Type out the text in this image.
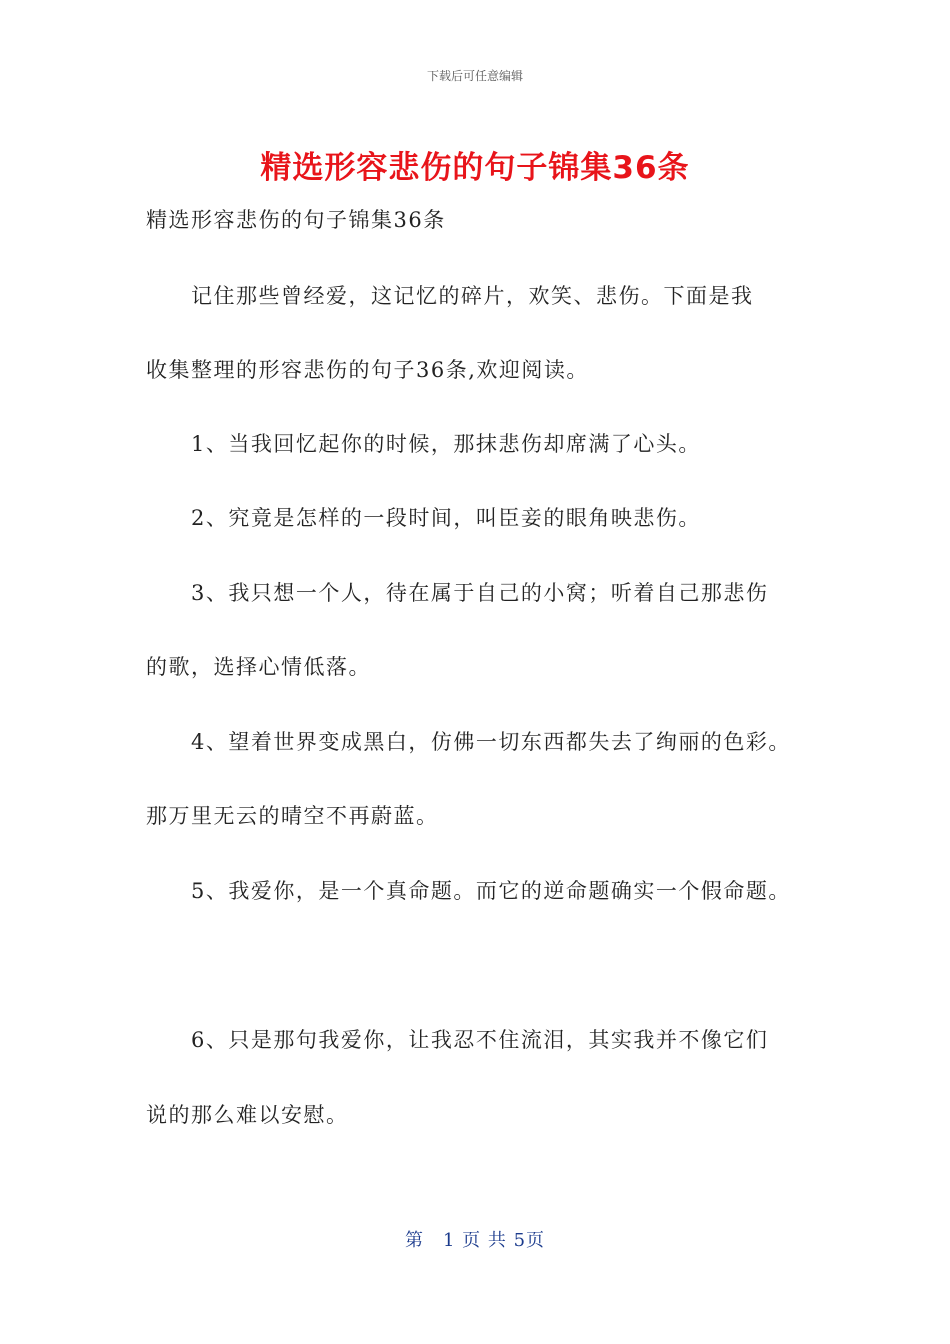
下载后可任意编辑
精选形容悲伤的句子锦集36条
精选形容悲伤的句子锦集36条
记住那些曾经爱，这记忆的碎片，欢笑、悲伤。下面是我
收集整理的形容悲伤的句子36条,欢迎阅读。
1、当我回忆起你的时候，那抹悲伤却席满了心头。
2、究竟是怎样的一段时间，叫臣妾的眼角映悲伤。
3、我只想一个人，待在属于自己的小窝；听着自己那悲伤
的歌，选择心情低落。
4、望着世界变成黑白，仿佛一切东西都失去了绚丽的色彩。
那万里无云的晴空不再蔚蓝。
5、我爱你，是一个真命题。而它的逆命题确实一个假命题。
6、只是那句我爱你，让我忍不住流泪，其实我并不像它们
说的那么难以安慰。
第　1 页 共 5页
